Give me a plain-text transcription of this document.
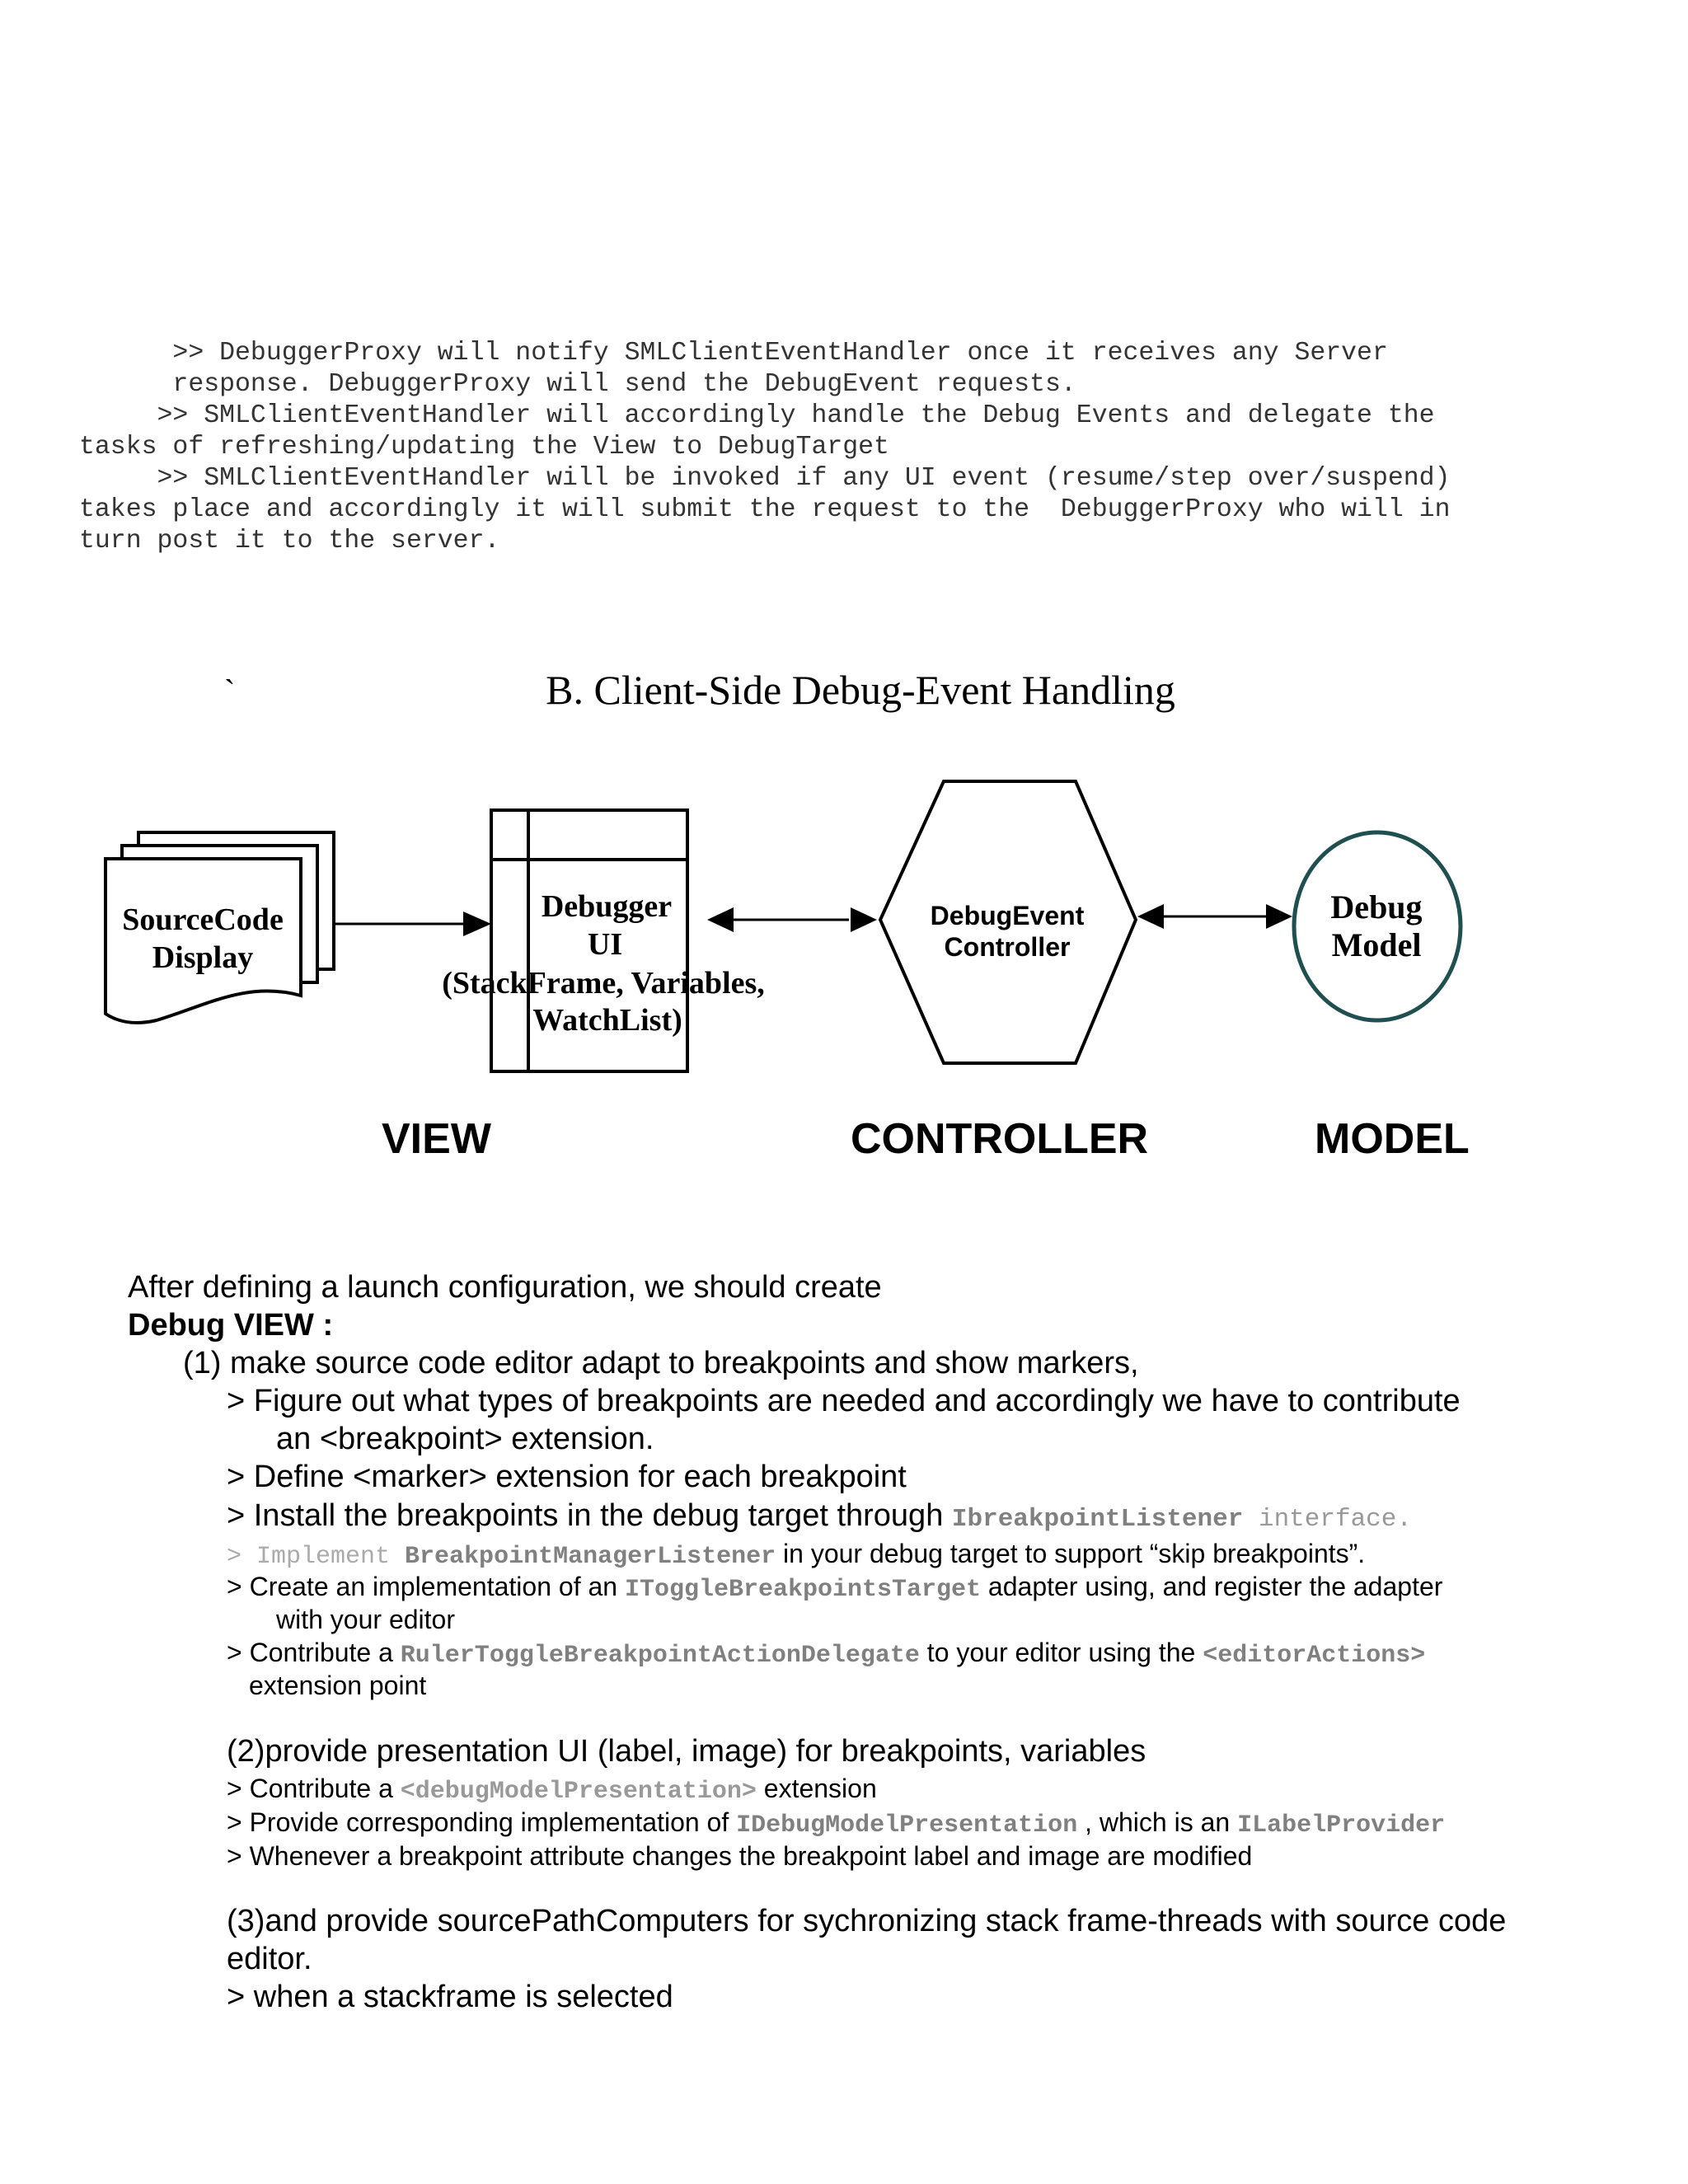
>> DebuggerProxy will notify SMLClientEventHandler once it receives any Server
response. DebuggerProxy will send the DebugEvent requests.
>> SMLClientEventHandler will accordingly handle the Debug Events and delegate the
tasks of refreshing/updating the View to DebugTarget
>> SMLClientEventHandler will be invoked if any UI event (resume/step over/suspend)
takes place and accordingly it will submit the request to the  DebuggerProxy who will in
turn post it to the server.
`	B. Client-Side Debug-Event Handling
SourceCode
Display
Debugger
UI
(StackFrame, Variables,
WatchList)
DebugEvent
Controller
Debug
Model
VIEW	CONTROLLER	MODEL
After defining a launch configuration, we should create
Debug VIEW :
(1) make source code editor adapt to breakpoints and show markers,
> Figure out what types of breakpoints are needed and accordingly we have to contribute
an <breakpoint> extension.
> Define <marker> extension for each breakpoint
> Install the breakpoints in the debug target through IbreakpointListener interface.
> Implement BreakpointManagerListener in your debug target to support “skip breakpoints”.
> Create an implementation of an IToggleBreakpointsTarget adapter using, and register the adapter
with your editor
> Contribute a RulerToggleBreakpointActionDelegate to your editor using the <editorActions>
extension point
(2)provide presentation UI (label, image) for breakpoints, variables
> Contribute a <debugModelPresentation> extension
> Provide corresponding implementation of IDebugModelPresentation , which is an ILabelProvider
> Whenever a breakpoint attribute changes the breakpoint label and image are modified
(3)and provide sourcePathComputers for sychronizing stack frame-threads with source code
editor.
> when a stackframe is selected
